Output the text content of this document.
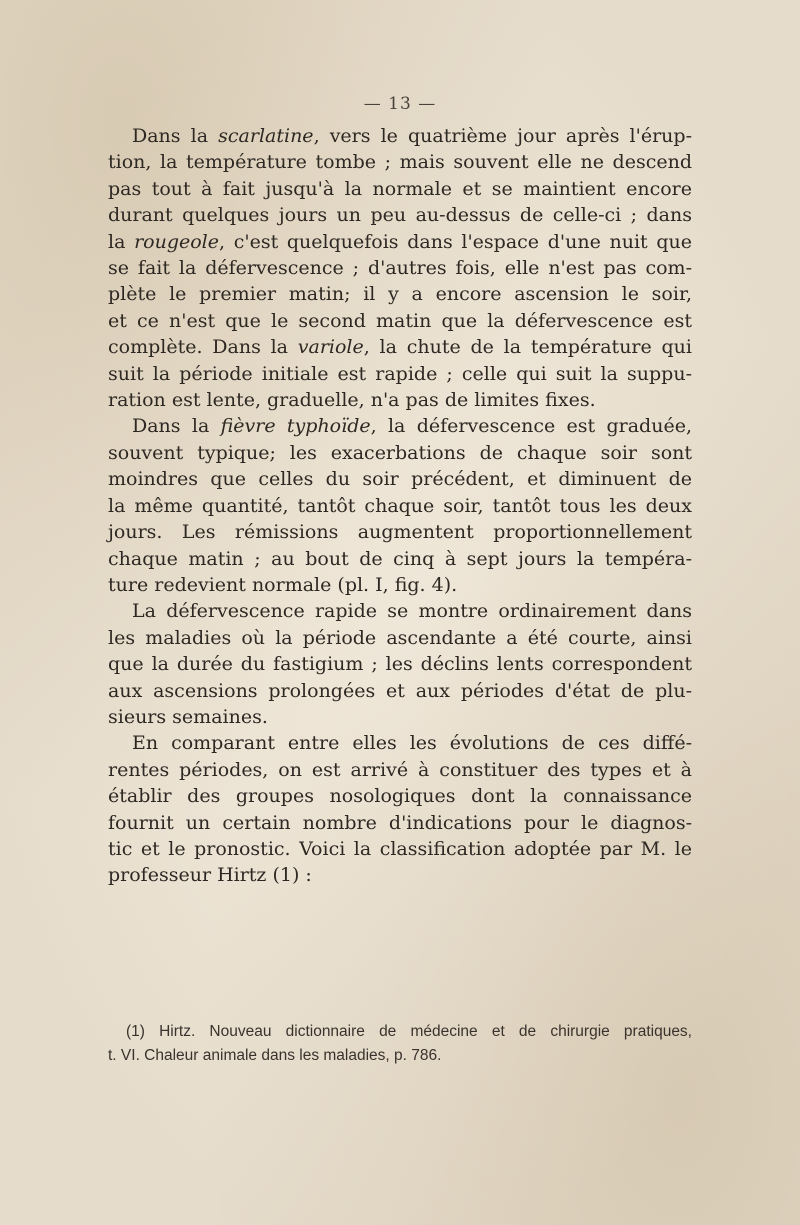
— 13 —

Dans la scarlatine, vers le quatrième jour après l'érup-
tion, la température tombe ; mais souvent elle ne descend
pas tout à fait jusqu'à la normale et se maintient encore
durant quelques jours un peu au-dessus de celle-ci ; dans
la rougeole, c'est quelquefois dans l'espace d'une nuit que
se fait la défervescence ; d'autres fois, elle n'est pas com-
plète le premier matin; il y a encore ascension le soir,
et ce n'est que le second matin que la défervescence est
complète. Dans la variole, la chute de la température qui
suit la période initiale est rapide ; celle qui suit la suppu-
ration est lente, graduelle, n'a pas de limites fixes.

Dans la fièvre typhoïde, la défervescence est graduée,
souvent typique; les exacerbations de chaque soir sont
moindres que celles du soir précédent, et diminuent de
la même quantité, tantôt chaque soir, tantôt tous les deux
jours. Les rémissions augmentent proportionnellement
chaque matin ; au bout de cinq à sept jours la tempéra-
ture redevient normale (pl. I, fig. 4).

La défervescence rapide se montre ordinairement dans
les maladies où la période ascendante a été courte, ainsi
que la durée du fastigium ; les déclins lents correspondent
aux ascensions prolongées et aux périodes d'état de plu-
sieurs semaines.

En comparant entre elles les évolutions de ces diffé-
rentes périodes, on est arrivé à constituer des types et à
établir des groupes nosologiques dont la connaissance
fournit un certain nombre d'indications pour le diagnos-
tic et le pronostic. Voici la classification adoptée par M. le
professeur Hirtz (1) :

(1) Hirtz. Nouveau dictionnaire de médecine et de chirurgie pratiques,
t. VI. Chaleur animale dans les maladies, p. 786.
